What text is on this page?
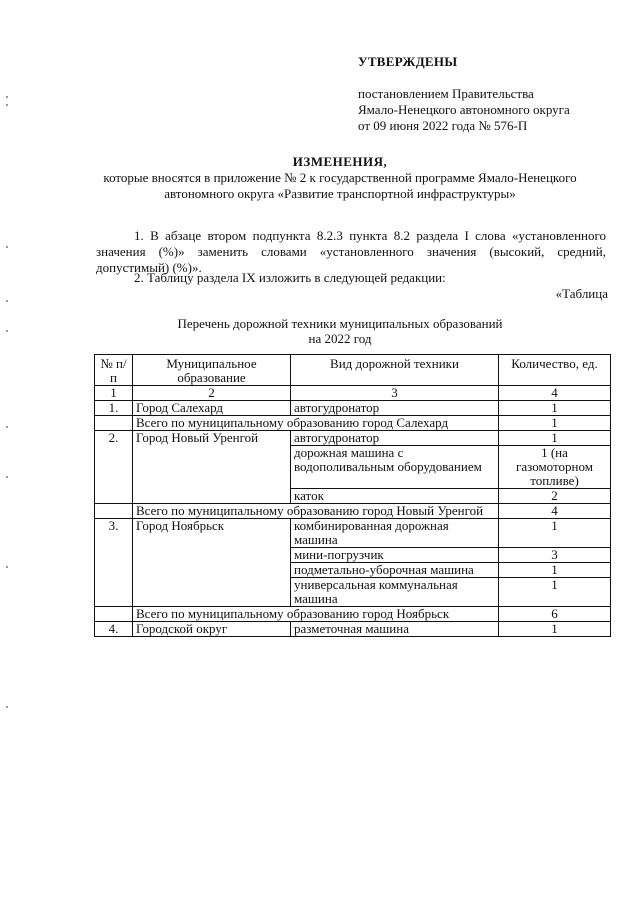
УТВЕРЖДЕНЫ
постановлением Правительства
Ямало-Ненецкого автономного округа
от 09 июня 2022 года № 576-П
ИЗМЕНЕНИЯ,
которые вносятся в приложение № 2 к государственной программе Ямало-Ненецкого автономного округа «Развитие транспортной инфраструктуры»
1. В абзаце втором подпункта 8.2.3 пункта 8.2 раздела I слова «установленного значения (%)» заменить словами «установленного значения (высокий, средний, допустимый) (%)».
2. Таблицу раздела IX изложить в следующей редакции:
«Таблица
Перечень дорожной техники муниципальных образований
на 2022 год
№ п/п	Муниципальное образование	Вид дорожной техники	Количество, ед.
1	2	3	4
1.	Город Салехард	автогудронатор	1
	Всего по муниципальному образованию город Салехард		1
2.	Город Новый Уренгой	автогудронатор	1
		дорожная машина с водополивальным оборудованием	1 (на газомоторном топливе)
		каток	2
	Всего по муниципальному образованию город Новый Уренгой		4
3.	Город Ноябрьск	комбинированная дорожная машина	1
		мини-погрузчик	3
		подметально-уборочная машина	1
		универсальная коммунальная машина	1
	Всего по муниципальному образованию город Ноябрьск		6
4.	Городской округ	разметочная машина	1
